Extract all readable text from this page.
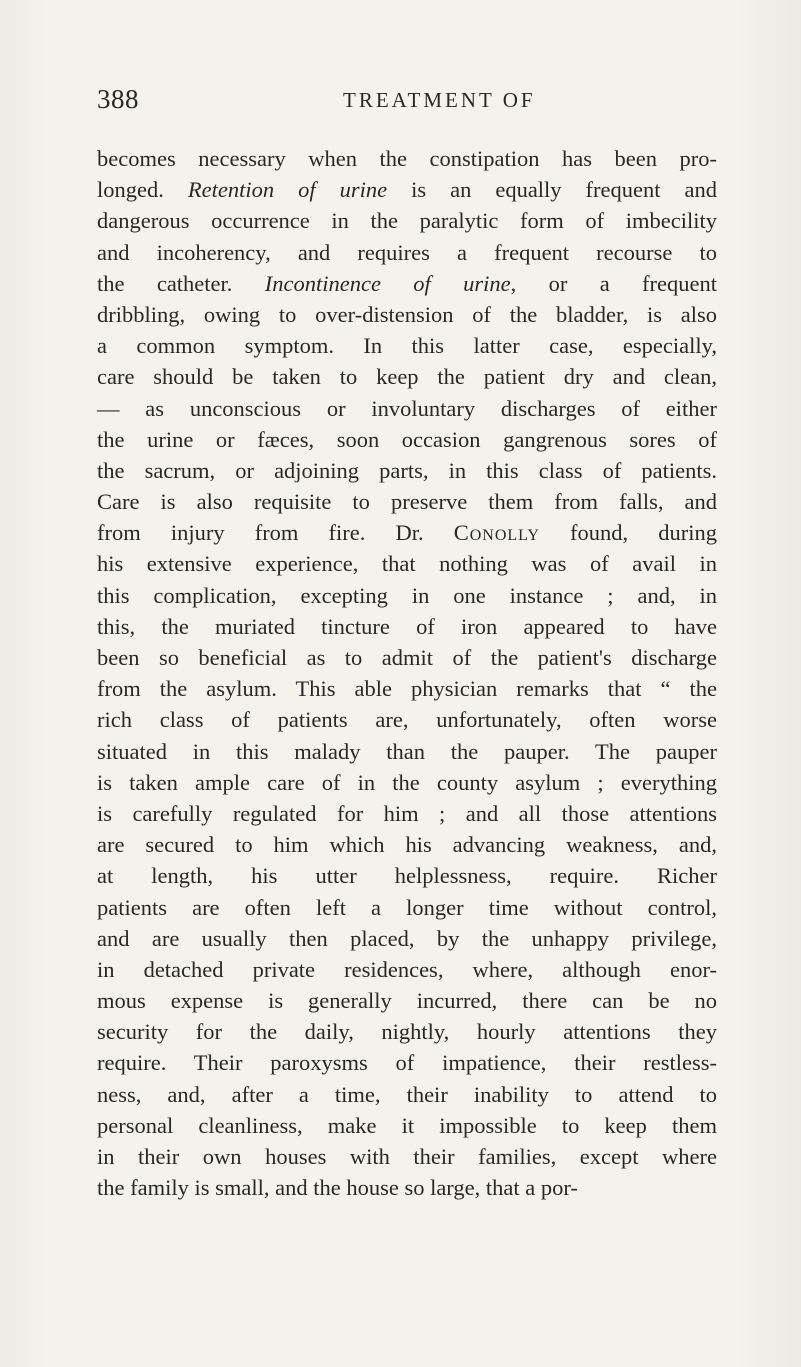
388	TREATMENT OF
becomes necessary when the constipation has been pro-
longed. Retention of urine is an equally frequent and
dangerous occurrence in the paralytic form of imbecility
and incoherency, and requires a frequent recourse to
the catheter. Incontinence of urine, or a frequent
dribbling, owing to over-distension of the bladder, is also
a common symptom. In this latter case, especially,
care should be taken to keep the patient dry and clean,
— as unconscious or involuntary discharges of either
the urine or fæces, soon occasion gangrenous sores of
the sacrum, or adjoining parts, in this class of patients.
Care is also requisite to preserve them from falls, and
from injury from fire. Dr. Conolly found, during
his extensive experience, that nothing was of avail in
this complication, excepting in one instance ; and, in
this, the muriated tincture of iron appeared to have
been so beneficial as to admit of the patient's discharge
from the asylum. This able physician remarks that “ the
rich class of patients are, unfortunately, often worse
situated in this malady than the pauper. The pauper
is taken ample care of in the county asylum ; everything
is carefully regulated for him ; and all those attentions
are secured to him which his advancing weakness, and,
at length, his utter helplessness, require. Richer
patients are often left a longer time without control,
and are usually then placed, by the unhappy privilege,
in detached private residences, where, although enor-
mous expense is generally incurred, there can be no
security for the daily, nightly, hourly attentions they
require. Their paroxysms of impatience, their restless-
ness, and, after a time, their inability to attend to
personal cleanliness, make it impossible to keep them
in their own houses with their families, except where
the family is small, and the house so large, that a por-
